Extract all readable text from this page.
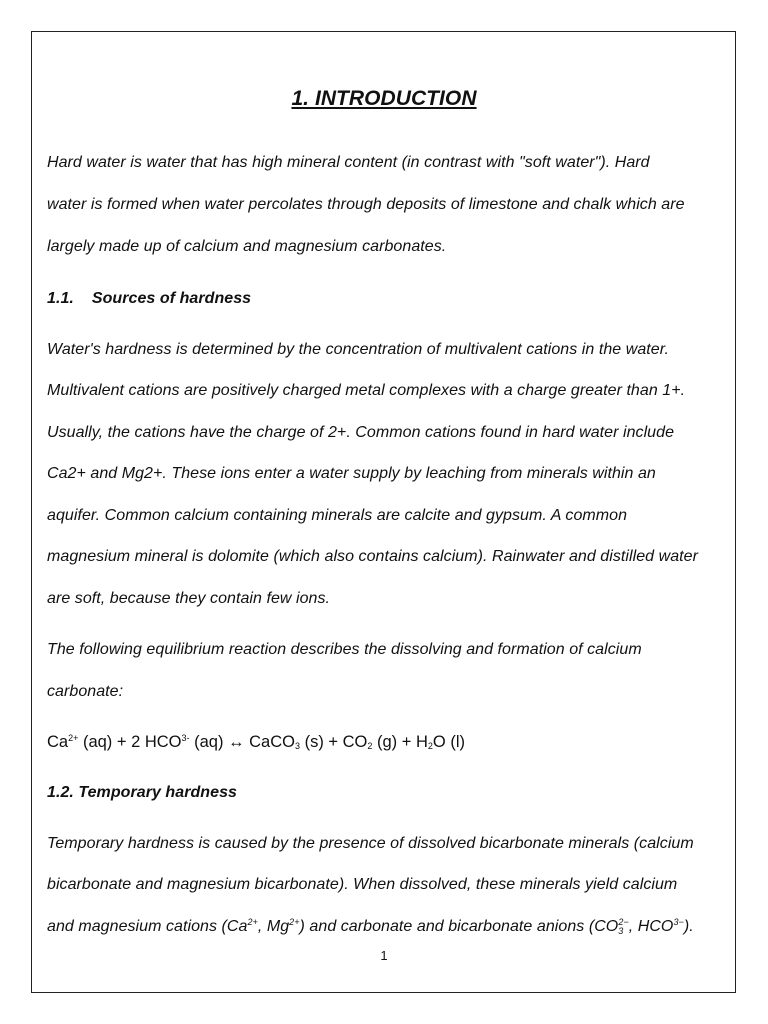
1. INTRODUCTION
Hard water is water that has high mineral content (in contrast with "soft water"). Hard
water is formed when water percolates through deposits of limestone and chalk which are
largely made up of calcium and magnesium carbonates.
1.1. Sources of hardness
Water's hardness is determined by the concentration of multivalent cations in the water.
Multivalent cations are positively charged metal complexes with a charge greater than 1+.
Usually, the cations have the charge of 2+. Common cations found in hard water include
Ca2+ and Mg2+. These ions enter a water supply by leaching from minerals within an
aquifer. Common calcium containing minerals are calcite and gypsum. A common
magnesium mineral is dolomite (which also contains calcium). Rainwater and distilled water
are soft, because they contain few ions.
The following equilibrium reaction describes the dissolving and formation of calcium
carbonate:
$Ca^{2+}$ (aq) + 2 $HCO^{3-}$ (aq) ↔ CaCO$_3$ $(s) + CO_2$ $(g) + H_2O$ (l)
1.2. Temporary hardness
Temporary hardness is caused by the presence of dissolved bicarbonate minerals (calcium
bicarbonate and magnesium bicarbonate). When dissolved, these minerals yield calcium
and magnesium cations ($Ca^{2+}$, $Mg^{2+}$) and carbonate and bicarbonate anions ($CO_3^{2-}$, $HCO^{3-}$).
1
